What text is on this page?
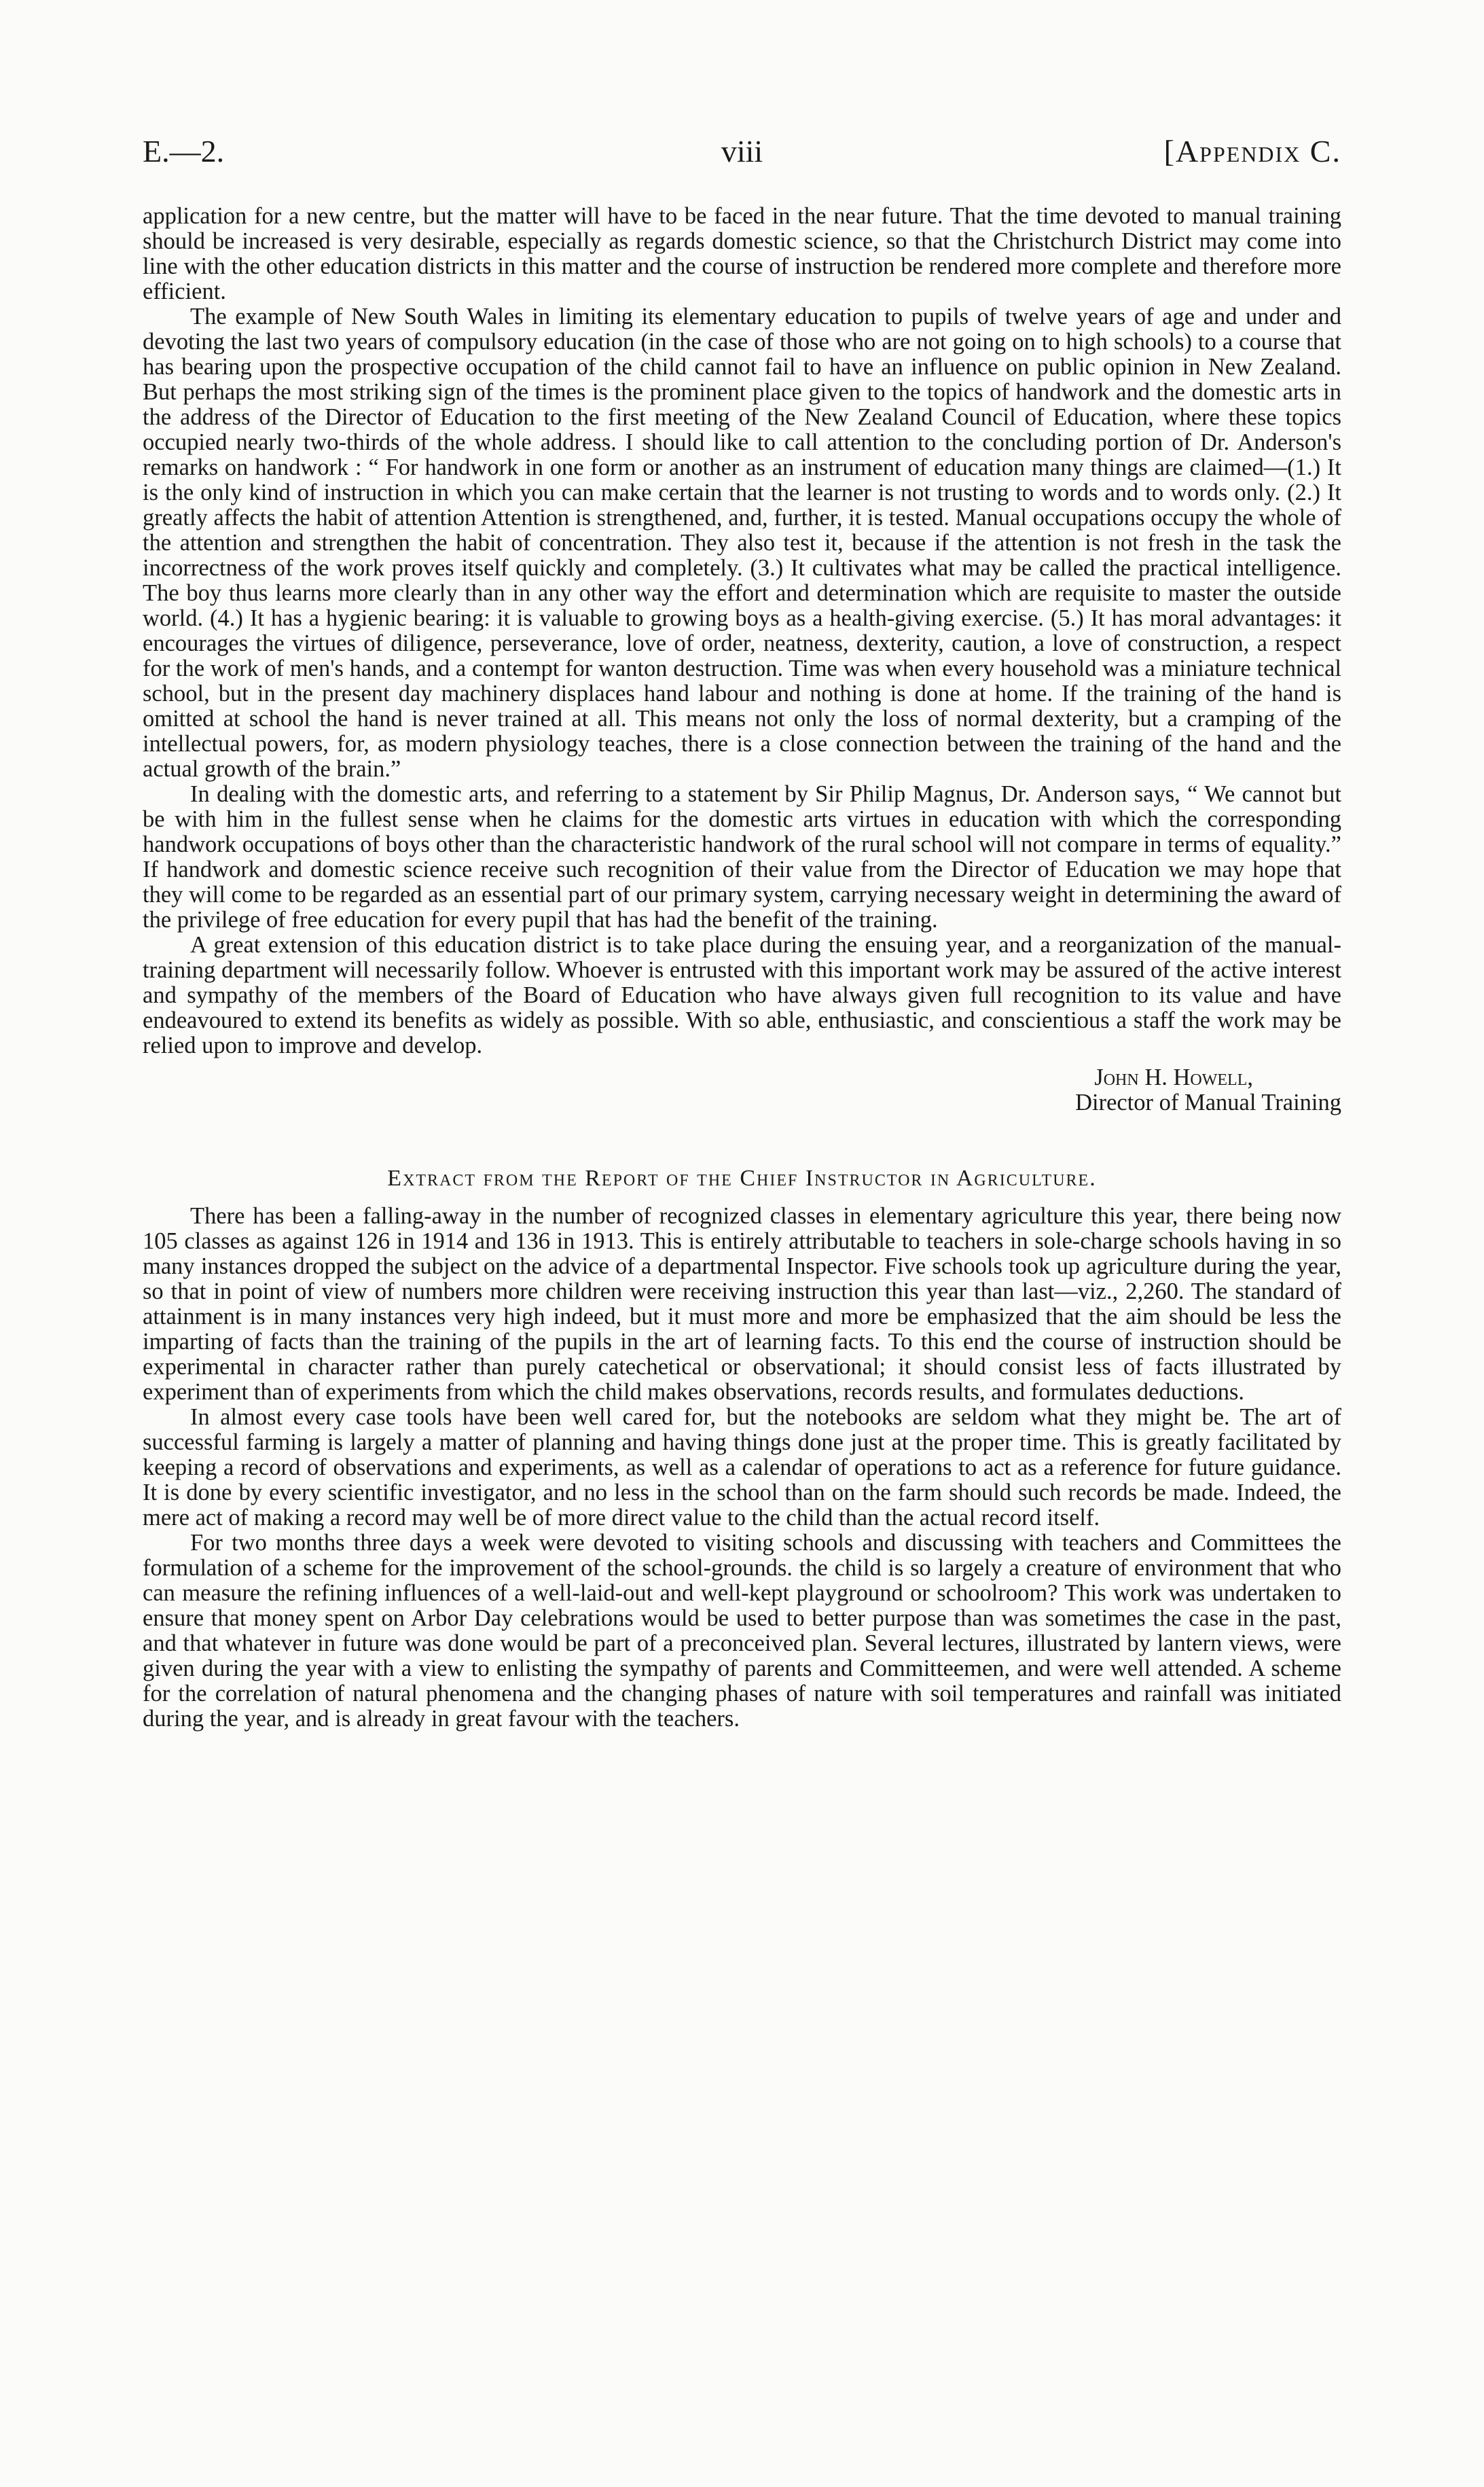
E.—2.	viii	[Appendix C.

application for a new centre, but the matter will have to be faced in the near future. That the time devoted to manual training should be increased is very desirable, especially as regards domestic science, so that the Christchurch District may come into line with the other education districts in this matter and the course of instruction be rendered more complete and therefore more efficient.

The example of New South Wales in limiting its elementary education to pupils of twelve years of age and under and devoting the last two years of compulsory education (in the case of those who are not going on to high schools) to a course that has bearing upon the prospective occupation of the child cannot fail to have an influence on public opinion in New Zealand. But perhaps the most striking sign of the times is the prominent place given to the topics of handwork and the domestic arts in the address of the Director of Education to the first meeting of the New Zealand Council of Education, where these topics occupied nearly two-thirds of the whole address. I should like to call attention to the concluding portion of Dr. Anderson's remarks on handwork : “ For handwork in one form or another as an instrument of education many things are claimed—(1.) It is the only kind of instruction in which you can make certain that the learner is not trusting to words and to words only. (2.) It greatly affects the habit of attention Attention is strengthened, and, further, it is tested. Manual occupations occupy the whole of the attention and strengthen the habit of concentration. They also test it, because if the attention is not fresh in the task the incorrectness of the work proves itself quickly and completely. (3.) It cultivates what may be called the practical intelligence. The boy thus learns more clearly than in any other way the effort and determination which are requisite to master the outside world. (4.) It has a hygienic bearing: it is valuable to growing boys as a health-giving exercise. (5.) It has moral advantages: it encourages the virtues of diligence, perseverance, love of order, neatness, dexterity, caution, a love of construction, a respect for the work of men's hands, and a contempt for wanton destruction. Time was when every household was a miniature technical school, but in the present day machinery displaces hand labour and nothing is done at home. If the training of the hand is omitted at school the hand is never trained at all. This means not only the loss of normal dexterity, but a cramping of the intellectual powers, for, as modern physiology teaches, there is a close connection between the training of the hand and the actual growth of the brain.”

In dealing with the domestic arts, and referring to a statement by Sir Philip Magnus, Dr. Anderson says, “ We cannot but be with him in the fullest sense when he claims for the domestic arts virtues in education with which the corresponding handwork occupations of boys other than the characteristic handwork of the rural school will not compare in terms of equality.” If handwork and domestic science receive such recognition of their value from the Director of Education we may hope that they will come to be regarded as an essential part of our primary system, carrying necessary weight in determining the award of the privilege of free education for every pupil that has had the benefit of the training.

A great extension of this education district is to take place during the ensuing year, and a reorganization of the manual-training department will necessarily follow. Whoever is entrusted with this important work may be assured of the active interest and sympathy of the members of the Board of Education who have always given full recognition to its value and have endeavoured to extend its benefits as widely as possible. With so able, enthusiastic, and conscientious a staff the work may be relied upon to improve and develop.

John H. Howell,
Director of Manual Training
Extract from the Report of the Chief Instructor in Agriculture.

There has been a falling-away in the number of recognized classes in elementary agriculture this year, there being now 105 classes as against 126 in 1914 and 136 in 1913. This is entirely attributable to teachers in sole-charge schools having in so many instances dropped the subject on the advice of a departmental Inspector. Five schools took up agriculture during the year, so that in point of view of numbers more children were receiving instruction this year than last—viz., 2,260. The standard of attainment is in many instances very high indeed, but it must more and more be emphasized that the aim should be less the imparting of facts than the training of the pupils in the art of learning facts. To this end the course of instruction should be experimental in character rather than purely catechetical or observational; it should consist less of facts illustrated by experiment than of experiments from which the child makes observations, records results, and formulates deductions.

In almost every case tools have been well cared for, but the notebooks are seldom what they might be. The art of successful farming is largely a matter of planning and having things done just at the proper time. This is greatly facilitated by keeping a record of observations and experiments, as well as a calendar of operations to act as a reference for future guidance. It is done by every scientific investigator, and no less in the school than on the farm should such records be made. Indeed, the mere act of making a record may well be of more direct value to the child than the actual record itself.

For two months three days a week were devoted to visiting schools and discussing with teachers and Committees the formulation of a scheme for the improvement of the school-grounds. the child is so largely a creature of environment that who can measure the refining influences of a well-laid-out and well-kept playground or schoolroom? This work was undertaken to ensure that money spent on Arbor Day celebrations would be used to better purpose than was sometimes the case in the past, and that whatever in future was done would be part of a preconceived plan. Several lectures, illustrated by lantern views, were given during the year with a view to enlisting the sympathy of parents and Committeemen, and were well attended. A scheme for the correlation of natural phenomena and the changing phases of nature with soil temperatures and rainfall was initiated during the year, and is already in great favour with the teachers.
